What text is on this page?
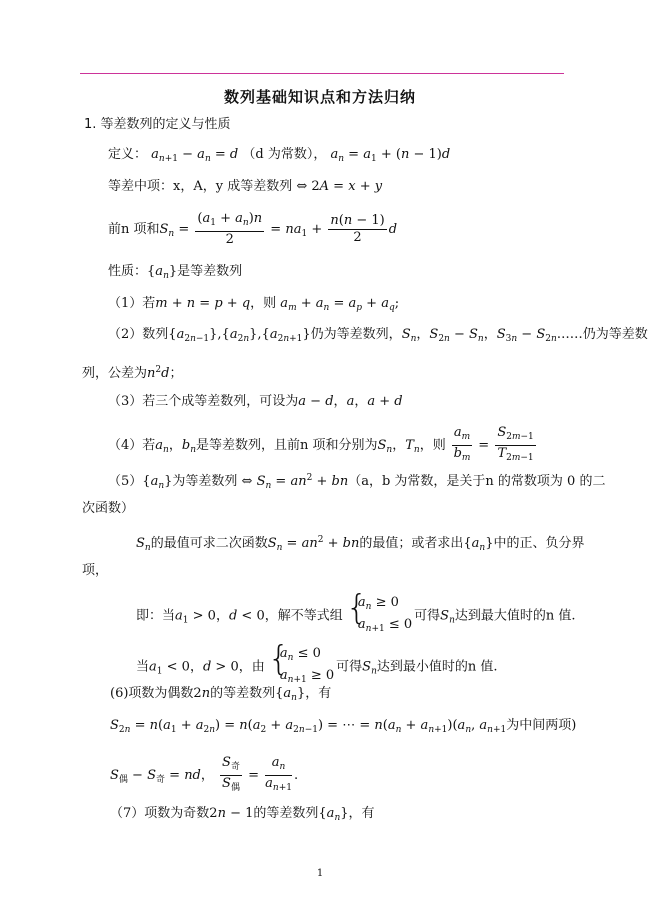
数列基础知识点和方法归纳
1. 等差数列的定义与性质
定义： $a_{n+1} - a_n = d$ （d 为常数）， $a_n = a_1 + (n - 1)d$
等差中项：x，A，y 成等差数列 ⇔ 2A = x + y
前n 项和$S_n = \frac{(a_1 + a_n)n}{2} = na_1 + \frac{n(n - 1)}{2}$ d
性质：$\{a_n\}$是等差数列
（1）若m + n = p + q，则 $a_m + a_n = a_p + a_q$;
（2）数列$\{a_{2n-1}\},\{a_{2n}\},\{a_{2n+1}\}$仍为等差数列，$S_n$，$S_{2n} - S_n$，$S_{3n}$ − $S_{2n}\dots\dots$仍为等差数
列，公差为$n^2d$；
（3）若三个成等差数列，可设为a − d，a，a + d
（4）若$a_n$，$b_n$是等差数列，且前n 项和分别为$S_n$，$T_n$，则 $\frac{a_m}{b_m} = \frac{S_{2m-1}}{T_{2m-1}}$
$(5)\{a_n\}$为等差数列 ⇔ $S_n = an^2 + bn(a$，b 为常数，是关于n 的常数项为 0 的二
次函数）
$S_n$的最值可求二次函数$S_n = an^2$ + bn的最值；或者求出$\{a_n\}$中的正、负分界
项，
即：当$a_1 > 0$，d < 0，解不等式组
{ $a_n \ge 0$
$a_{n+1} \le 0$
可得$S_n$达到最大值时的n 值.
当$a_1 < 0$，d > 0，由
{ $a_n \le 0$
$a_{n+1} \ge 0$
可得$S_n$达到最小值时的n 值.
(6)项数为偶数2n的等差数列$\{a_n\}$，有
$S_{2n} = n(a_1 + a_{2n}) = n(a_2 + a_{2n-1})$ = ⋯ = $n(a_n + a_{n+1})(a_n$, $a_{n+1}$为中间两项)
$S_偶 - S_奇$ = nd， $\frac{S_奇}{S_偶} = \frac{a_n}{a_{n+1}}$ .
（7）项数为奇数2n − 1的等差数列$\{a_n\}$，有
1
